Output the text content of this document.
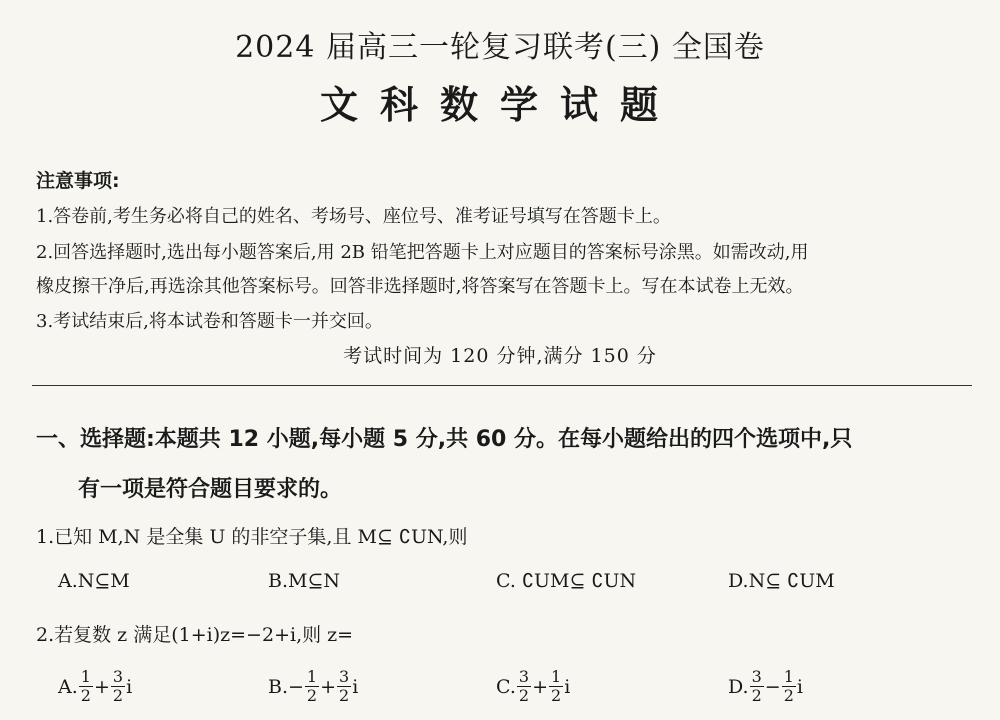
2024 届高三一轮复习联考(三) 全国卷
文科数学试题
注意事项:
1.答卷前,考生务必将自己的姓名、考场号、座位号、准考证号填写在答题卡上。
2.回答选择题时,选出每小题答案后,用 2B 铅笔把答题卡上对应题目的答案标号涂黑。如需改动,用
橡皮擦干净后,再选涂其他答案标号。回答非选择题时,将答案写在答题卡上。写在本试卷上无效。
3.考试结束后,将本试卷和答题卡一并交回。
考试时间为 120 分钟,满分 150 分
一、选择题:本题共 12 小题,每小题 5 分,共 60 分。在每小题给出的四个选项中,只
有一项是符合题目要求的。
1.已知 M,N 是全集 U 的非空子集,且 M⊆ ∁UN,则
A.N⊆M	B.M⊆N	C. ∁UM⊆ ∁UN	D.N⊆ ∁UM
2.若复数 z 满足(1+i)z=−2+i,则 z=
A. $\frac{1}{2} + \frac{3}{2}$ i	$B.- \frac{1}{2} + \frac{3}{2}$ i	C. $\frac{3}{2} + \frac{1}{2}$ i	D. $\frac{3}{2} - \frac{1}{2}$ i
